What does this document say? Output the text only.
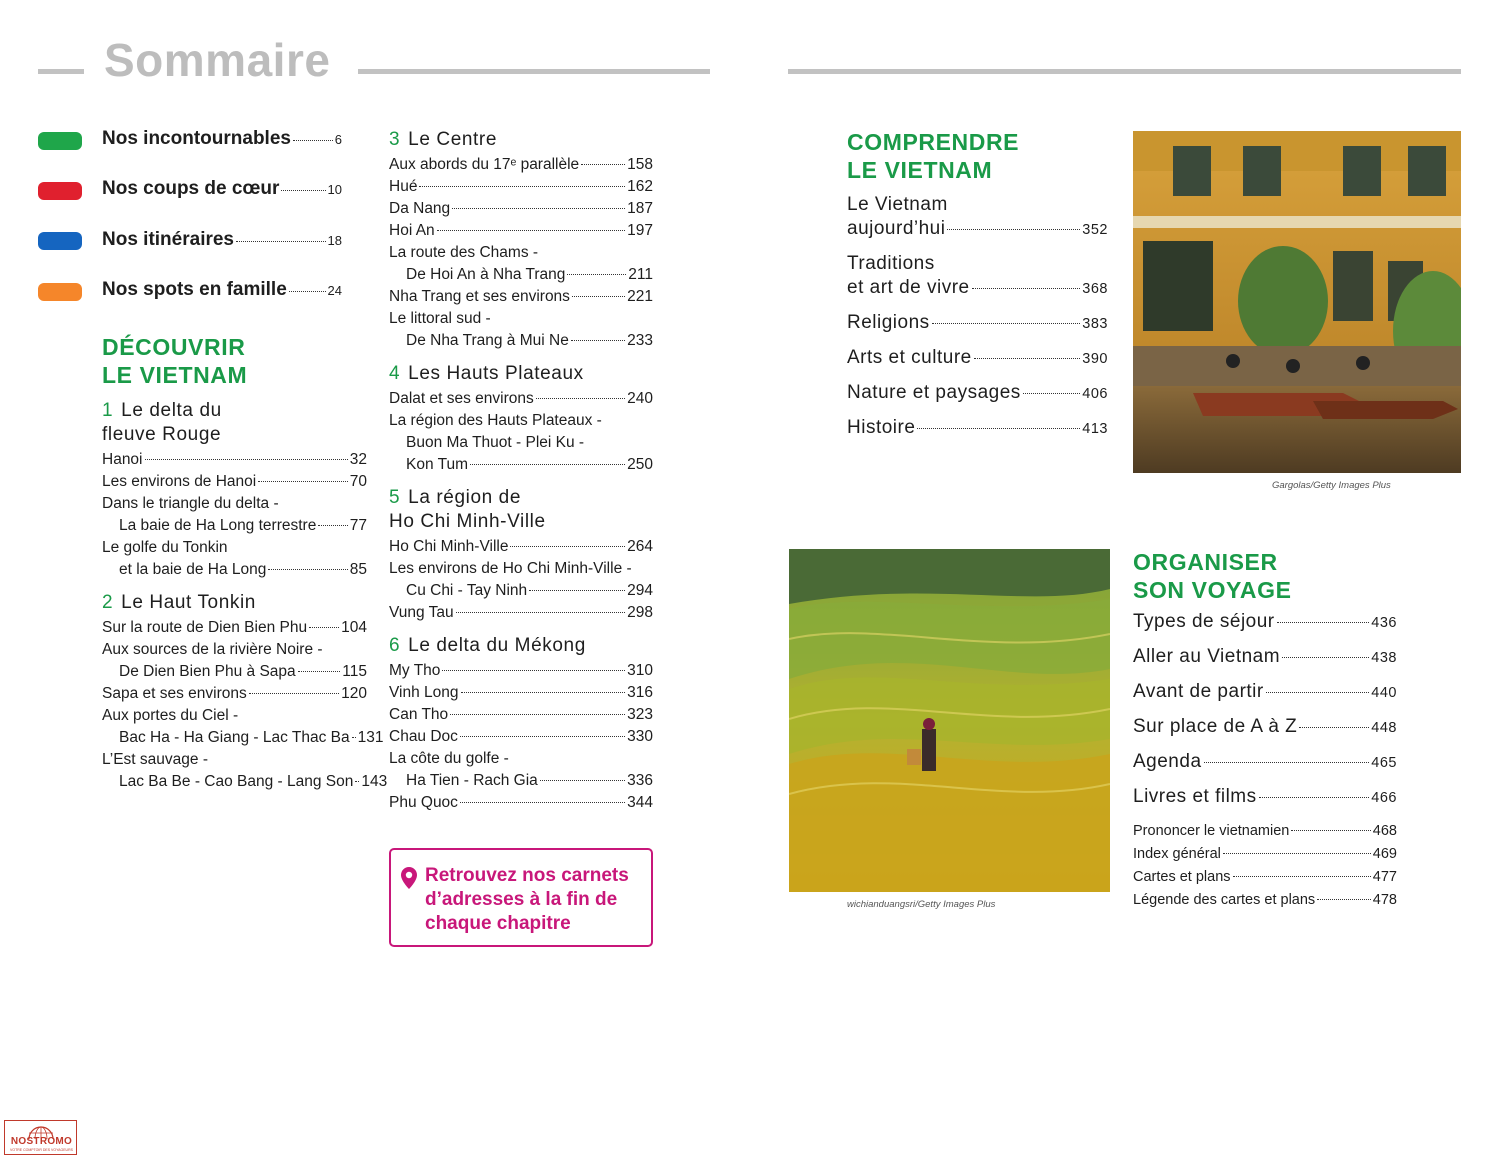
Sommaire
Nos incontournables	6
Nos coups de cœur	10
Nos itinéraires	18
Nos spots en famille	24
DÉCOUVRIR
LE VIETNAM
1 Le delta du
fleuve Rouge
Hanoi	32
Les environs de Hanoi	70
Dans le triangle du delta -
La baie de Ha Long terrestre 77
Le golfe du Tonkin
et la baie de Ha Long	85
2 Le Haut Tonkin
Sur la route de Dien Bien Phu 104
Aux sources de la rivière Noire -
De Dien Bien Phu à Sapa	115
Sapa et ses environs	120
Aux portes du Ciel -
Bac Ha - Ha Giang - Lac Thac Ba 131
L’Est sauvage -
Lac Ba Be - Cao Bang - Lang Son 143
3 Le Centre
Aux abords du 17ᵉ parallèle	158
Hué	162
Da Nang	187
Hoi An	197
La route des Chams -
De Hoi An à Nha Trang	211
Nha Trang et ses environs	221
Le littoral sud -
De Nha Trang à Mui Ne	233
4 Les Hauts Plateaux
Dalat et ses environs	240
La région des Hauts Plateaux -
Buon Ma Thuot - Plei Ku -
Kon Tum	250
5 La région de
Ho Chi Minh-Ville
Ho Chi Minh-Ville	264
Les environs de Ho Chi Minh-Ville -
Cu Chi - Tay Ninh	294
Vung Tau	298
6 Le delta du Mékong
My Tho	310
Vinh Long	316
Can Tho	323
Chau Doc	330
La côte du golfe -
Ha Tien - Rach Gia	336
Phu Quoc	344
Retrouvez nos carnets
d’adresses à la fin de
chaque chapitre
COMPRENDRE
LE VIETNAM
Le Vietnam
aujourd’hui	352
Traditions
et art de vivre	368
Religions	383
Arts et culture	390
Nature et paysages	406
Histoire	413
Gargolas/Getty Images Plus
wichianduangsri/Getty Images Plus
ORGANISER
SON VOYAGE
Types de séjour	436
Aller au Vietnam	438
Avant de partir	440
Sur place de A à Z	448
Agenda	465
Livres et films	466
Prononcer le vietnamien	468
Index général	469
Cartes et plans	477
Légende des cartes et plans	478
NOSTROMO
VOTRE COMPTOIR DES VOYAGEURS
